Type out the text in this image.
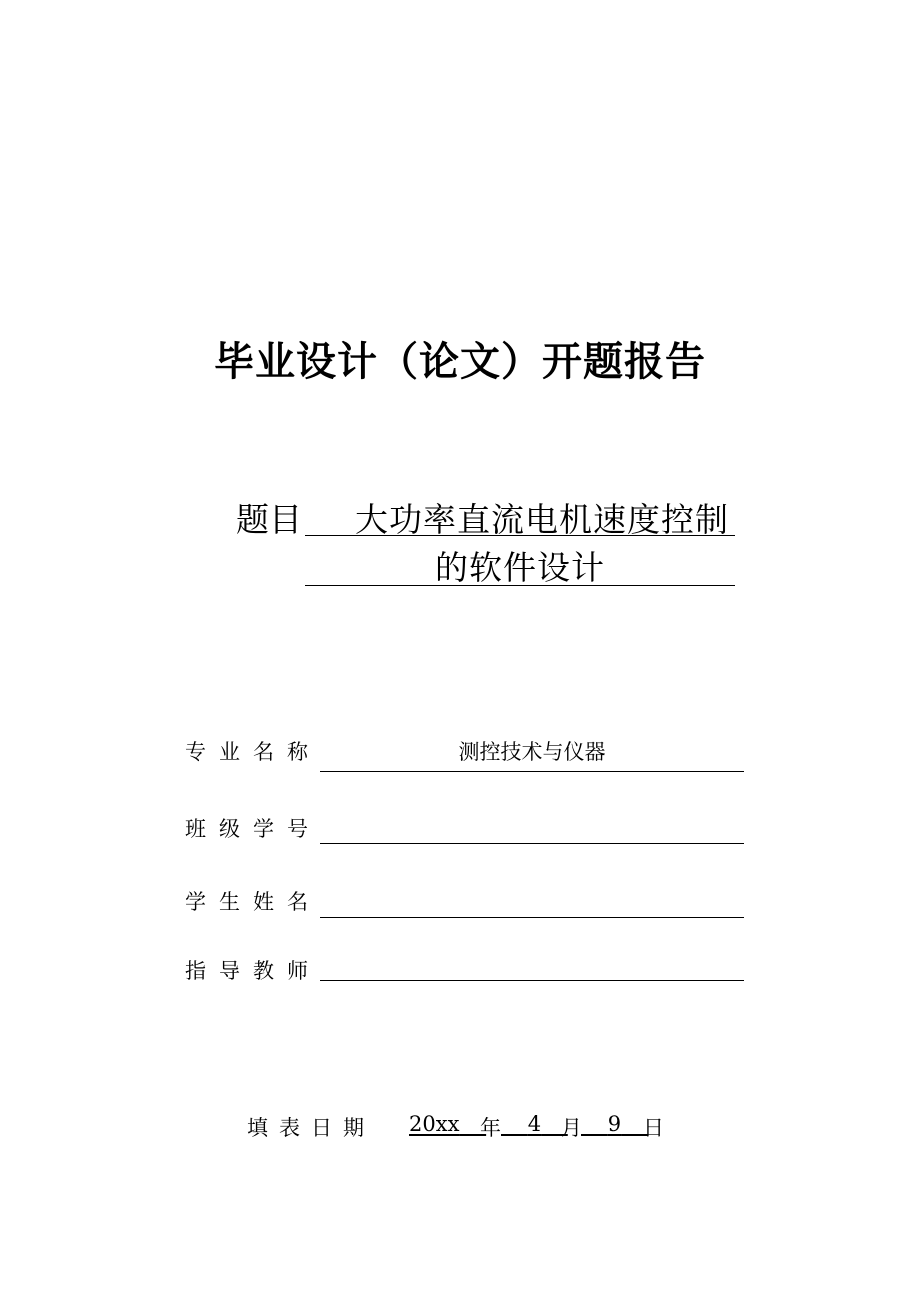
毕业设计（论文）开题报告
题目 大功率直流电机速度控制
的软件设计
专业名称	测控技术与仪器
班级学号
学生姓名
指导教师
填表日期 20xx 年	4 月	9	日
